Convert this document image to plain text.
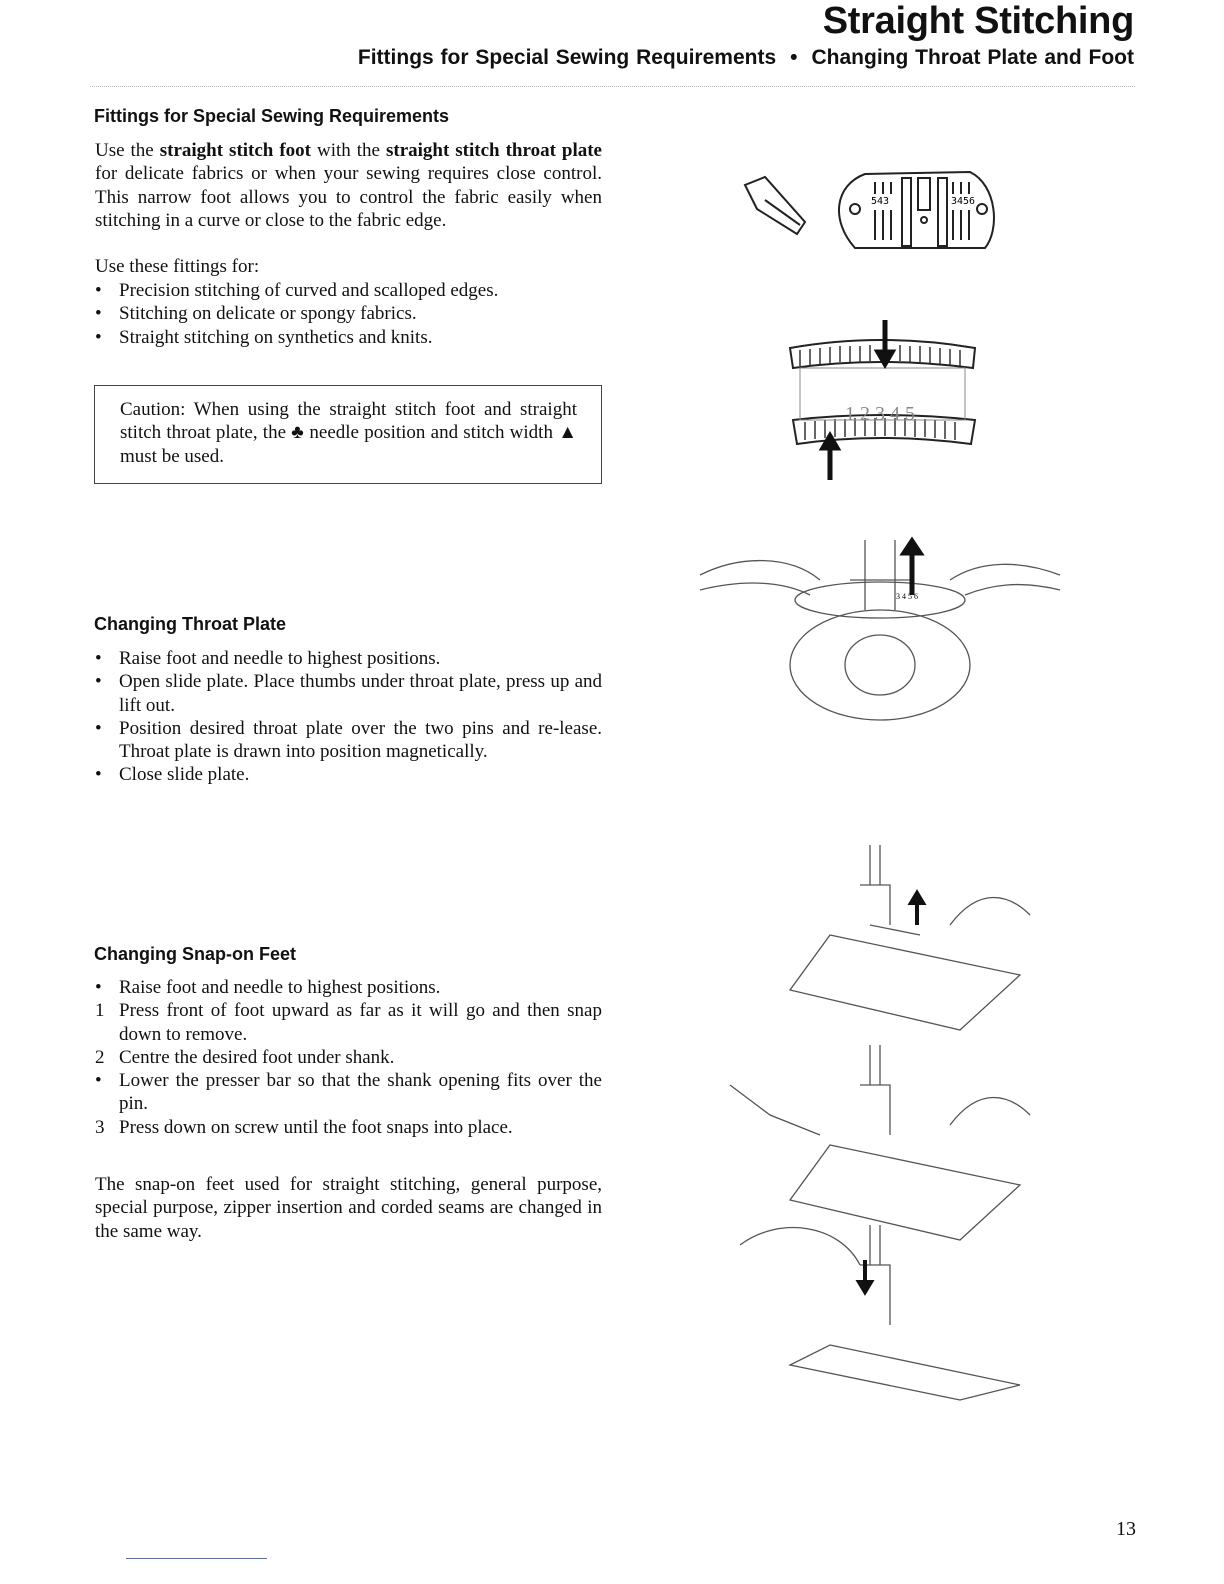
Straight Stitching
Fittings for Special Sewing Requirements • Changing Throat Plate and Foot
Fittings for Special Sewing Requirements

Use the straight stitch foot with the straight stitch throat plate for delicate fabrics or when your sewing requires close control. This narrow foot allows you to control the fabric easily when stitching in a curve or close to the fabric edge.

Use these fittings for:

• Precision stitching of curved and scalloped edges.
• Stitching on delicate or spongy fabrics.
• Straight stitching on synthetics and knits.
Caution: When using the straight stitch foot and straight stitch throat plate, the ♣ needle position and stitch width ▲ must be used.
Changing Throat Plate
• Raise foot and needle to highest positions.
• Open slide plate. Place thumbs under throat plate, press up and lift out.
• Position desired throat plate over the two pins and re-lease. Throat plate is drawn into position magnetically.
• Close slide plate.
Changing Snap-on Feet
• Raise foot and needle to highest positions.
1 Press front of foot upward as far as it will go and then snap down to remove.
2 Centre the desired foot under shank.
• Lower the presser bar so that the shank opening fits over the pin.
3 Press down on screw until the foot snaps into place.

The snap-on feet used for straight stitching, general purpose, special purpose, zipper insertion and corded seams are changed in the same way.

543	3456
1 2 3 4 5
3 4 5 6
13
